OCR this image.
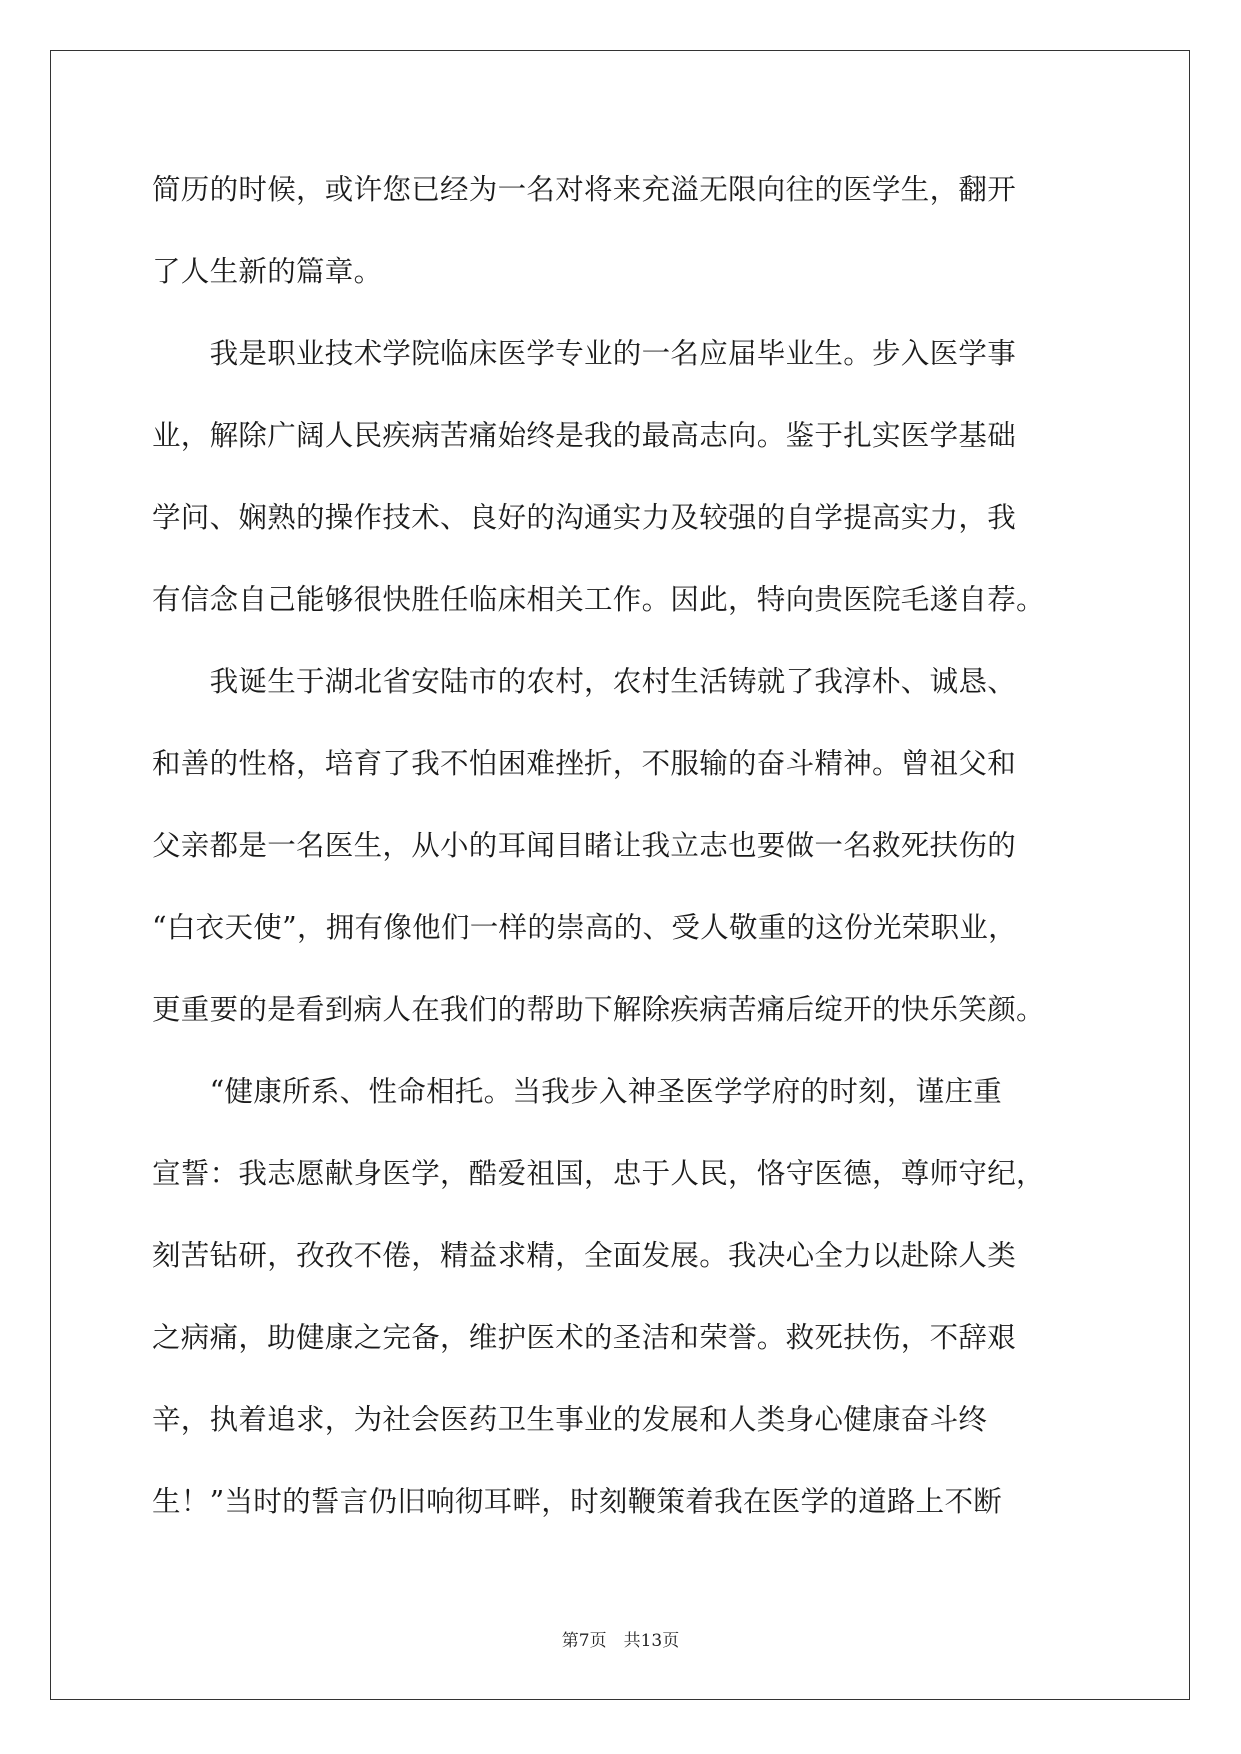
简历的时候，或许您已经为一名对将来充溢无限向往的医学生，翻开
了人生新的篇章。
　　我是职业技术学院临床医学专业的一名应届毕业生。步入医学事
业，解除广阔人民疾病苦痛始终是我的最高志向。鉴于扎实医学基础
学问、娴熟的操作技术、良好的沟通实力及较强的自学提高实力，我
有信念自己能够很快胜任临床相关工作。因此，特向贵医院毛遂自荐。
　　我诞生于湖北省安陆市的农村，农村生活铸就了我淳朴、诚恳、
和善的性格，培育了我不怕困难挫折，不服输的奋斗精神。曾祖父和
父亲都是一名医生，从小的耳闻目睹让我立志也要做一名救死扶伤的
“白衣天使”，拥有像他们一样的崇高的、受人敬重的这份光荣职业，
更重要的是看到病人在我们的帮助下解除疾病苦痛后绽开的快乐笑颜。
　　“健康所系、性命相托。当我步入神圣医学学府的时刻，谨庄重
宣誓：我志愿献身医学，酷爱祖国，忠于人民，恪守医德，尊师守纪，
刻苦钻研，孜孜不倦，精益求精，全面发展。我决心全力以赴除人类
之病痛，助健康之完备，维护医术的圣洁和荣誉。救死扶伤，不辞艰
辛，执着追求，为社会医药卫生事业的发展和人类身心健康奋斗终
生！”当时的誓言仍旧响彻耳畔，时刻鞭策着我在医学的道路上不断
第7页　共13页
